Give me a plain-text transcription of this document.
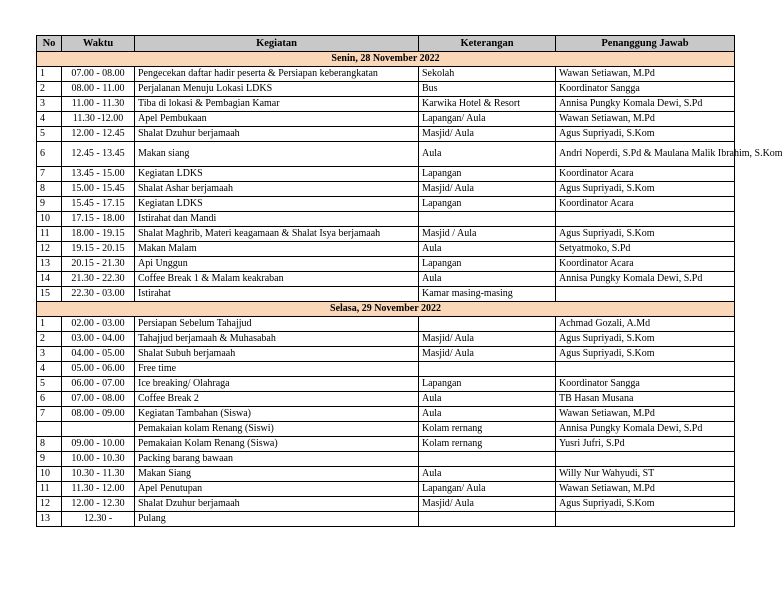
No	Waktu	Kegiatan	Keterangan	Penanggung Jawab
Senin, 28 November 2022				
1	07.00 - 08.00	Pengecekan daftar hadir peserta & Persiapan keberangkatan	Sekolah	Wawan Setiawan, M.Pd
2	08.00 - 11.00	Perjalanan Menuju Lokasi LDKS	Bus	Koordinator Sangga
3	11.00 - 11.30	Tiba di lokasi & Pembagian Kamar	Karwika Hotel & Resort	Annisa Pungky Komala Dewi, S.Pd
4	11.30 -12.00	Apel Pembukaan	Lapangan/ Aula	Wawan Setiawan, M.Pd
5	12.00 - 12.45	Shalat Dzuhur berjamaah	Masjid/ Aula	Agus Supriyadi, S.Kom
6	12.45 - 13.45	Makan siang	Aula	Andri Noperdi, S.Pd & Maulana Malik Ibrahim, S.Kom
7	13.45 - 15.00	Kegiatan LDKS	Lapangan	Koordinator Acara
8	15.00 - 15.45	Shalat Ashar berjamaah	Masjid/ Aula	Agus Supriyadi, S.Kom
9	15.45 - 17.15	Kegiatan LDKS	Lapangan	Koordinator Acara
10	17.15 - 18.00	Istirahat dan Mandi		
11	18.00 - 19.15	Shalat Maghrib, Materi keagamaan & Shalat Isya berjamaah	Masjid / Aula	Agus Supriyadi, S.Kom
12	19.15 - 20.15	Makan Malam	Aula	Setyatmoko, S.Pd
13	20.15 - 21.30	Api Unggun	Lapangan	Koordinator Acara
14	21.30 - 22.30	Coffee Break 1 & Malam keakraban	Aula	Annisa Pungky Komala Dewi, S.Pd
15	22.30 - 03.00	Istirahat	Kamar masing-masing	
Selasa, 29 November 2022				
1	02.00 - 03.00	Persiapan Sebelum Tahajjud		Achmad Gozali, A.Md
2	03.00 - 04.00	Tahajjud berjamaah & Muhasabah	Masjid/ Aula	Agus Supriyadi, S.Kom
3	04.00 - 05.00	Shalat Subuh berjamaah	Masjid/ Aula	Agus Supriyadi, S.Kom
4	05.00 - 06.00	Free time		
5	06.00 - 07.00	Ice breaking/ Olahraga	Lapangan	Koordinator Sangga
6	07.00 - 08.00	Coffee Break 2	Aula	TB Hasan Musana
7	08.00 - 09.00	Kegiatan Tambahan (Siswa)	Aula	Wawan Setiawan, M.Pd
		Pemakaian kolam Renang (Siswi)	Kolam rernang	Annisa Pungky Komala Dewi, S.Pd
8	09.00 - 10.00	Pemakaian Kolam Renang (Siswa)	Kolam rernang	Yusri Jufri, S.Pd
9	10.00 - 10.30	Packing barang bawaan		
10	10.30 - 11.30	Makan Siang	Aula	Willy Nur Wahyudi, ST
11	11.30 - 12.00	Apel Penutupan	Lapangan/ Aula	Wawan Setiawan, M.Pd
12	12.00 - 12.30	Shalat Dzuhur berjamaah	Masjid/ Aula	Agus Supriyadi, S.Kom
13	12.30 -	Pulang		
